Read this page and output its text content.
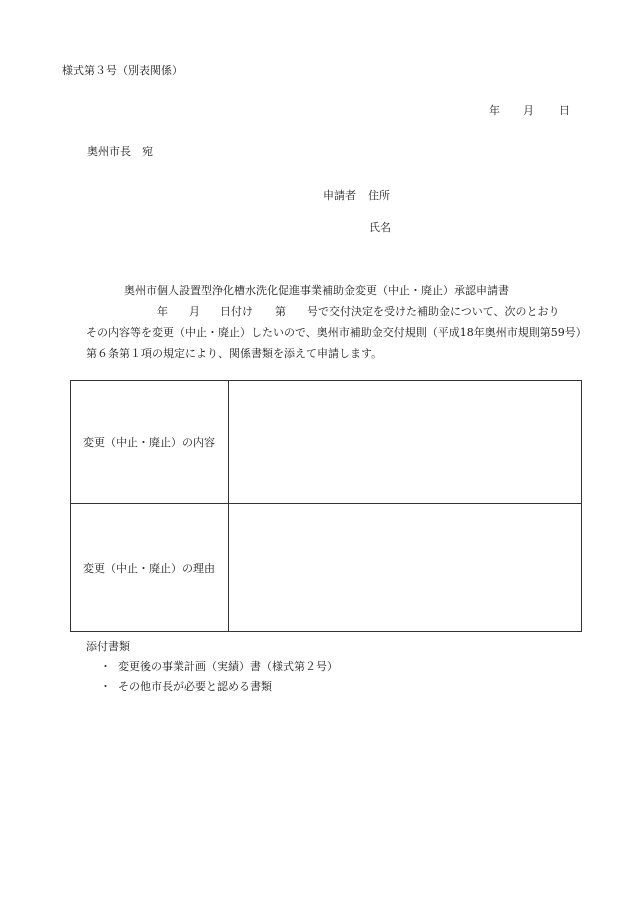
様式第３号（別表関係）
年 月 日
奥州市長　宛
申請者 住所
氏名
奥州市個人設置型浄化槽水洗化促進事業補助金変更（中止・廃止）承認申請書
年 月 日付け 第 号で交付決定を受けた補助金について、次のとおり
その内容等を変更（中止・廃止）したいので、奥州市補助金交付規則（平成18年奥州市規則第59号）
第６条第１項の規定により、関係書類を添えて申請します。
変更（中止・廃止）の内容	
変更（中止・廃止）の理由	
添付書類
・ 変更後の事業計画（実績）書（様式第２号）
・ その他市長が必要と認める書類
